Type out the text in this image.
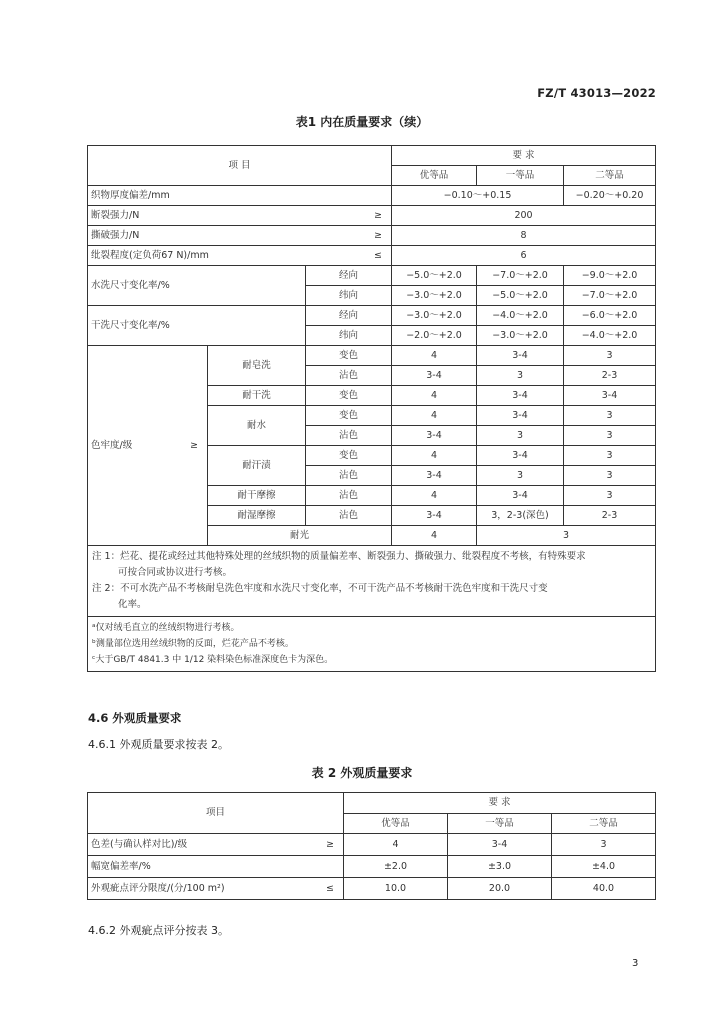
FZ/T 43013—2022
表1 内在质量要求（续）
项 目			要 求		
			优等品	一等品	二等品
织物厚度偏差/mm			−0.10～+0.15		−0.20～+0.20
断裂强力/N ≥			200		
撕破强力/N ≥			8		
纰裂程度(定负荷67 N)/mm ≤			6		
水洗尺寸变化率/%		经向	−5.0～+2.0	−7.0～+2.0	−9.0～+2.0
		纬向	−3.0～+2.0	−5.0～+2.0	−7.0～+2.0
干洗尺寸变化率/%		经向	−3.0～+2.0	−4.0～+2.0	−6.0～+2.0
		纬向	−2.0～+2.0	−3.0～+2.0	−4.0～+2.0
色牢度/级 ≥	耐皂洗	变色	4	3-4	3
		沾色	3-4	3	2-3
	耐干洗	变色	4	3-4	3-4
	耐水	变色	4	3-4	3
		沾色	3-4	3	3
	耐汗渍	变色	4	3-4	3
		沾色	3-4	3	3
	耐干摩擦	沾色	4	3-4	3
	耐湿摩擦	沾色	3-4	3，2-3(深色)	2-3
	耐光		4	3	

注 1：烂花、提花或经过其他特殊处理的丝绒织物的质量偏差率、断裂强力、撕破强力、纰裂程度不考核，有特殊要求
可按合同或协议进行考核。
注 2：不可水洗产品不考核耐皂洗色牢度和水洗尺寸变化率，不可干洗产品不考核耐干洗色牢度和干洗尺寸变
化率。					

ᵃ仅对绒毛直立的丝绒织物进行考核。
ᵇ测量部位选用丝绒织物的反面，烂花产品不考核。
ᶜ大于GB/T 4841.3 中 1/12 染料染色标准深度色卡为深色。					
4.6 外观质量要求
4.6.1 外观质量要求按表 2。
表 2 外观质量要求
项目	要 求		
	优等品	一等品	二等品
色差(与确认样对比)/级 ≥	4	3-4	3
幅宽偏差率/%	±2.0	±3.0	±4.0
外观疵点评分限度/(分/100 m²) ≤	10.0	20.0	40.0
4.6.2 外观疵点评分按表 3。
3
